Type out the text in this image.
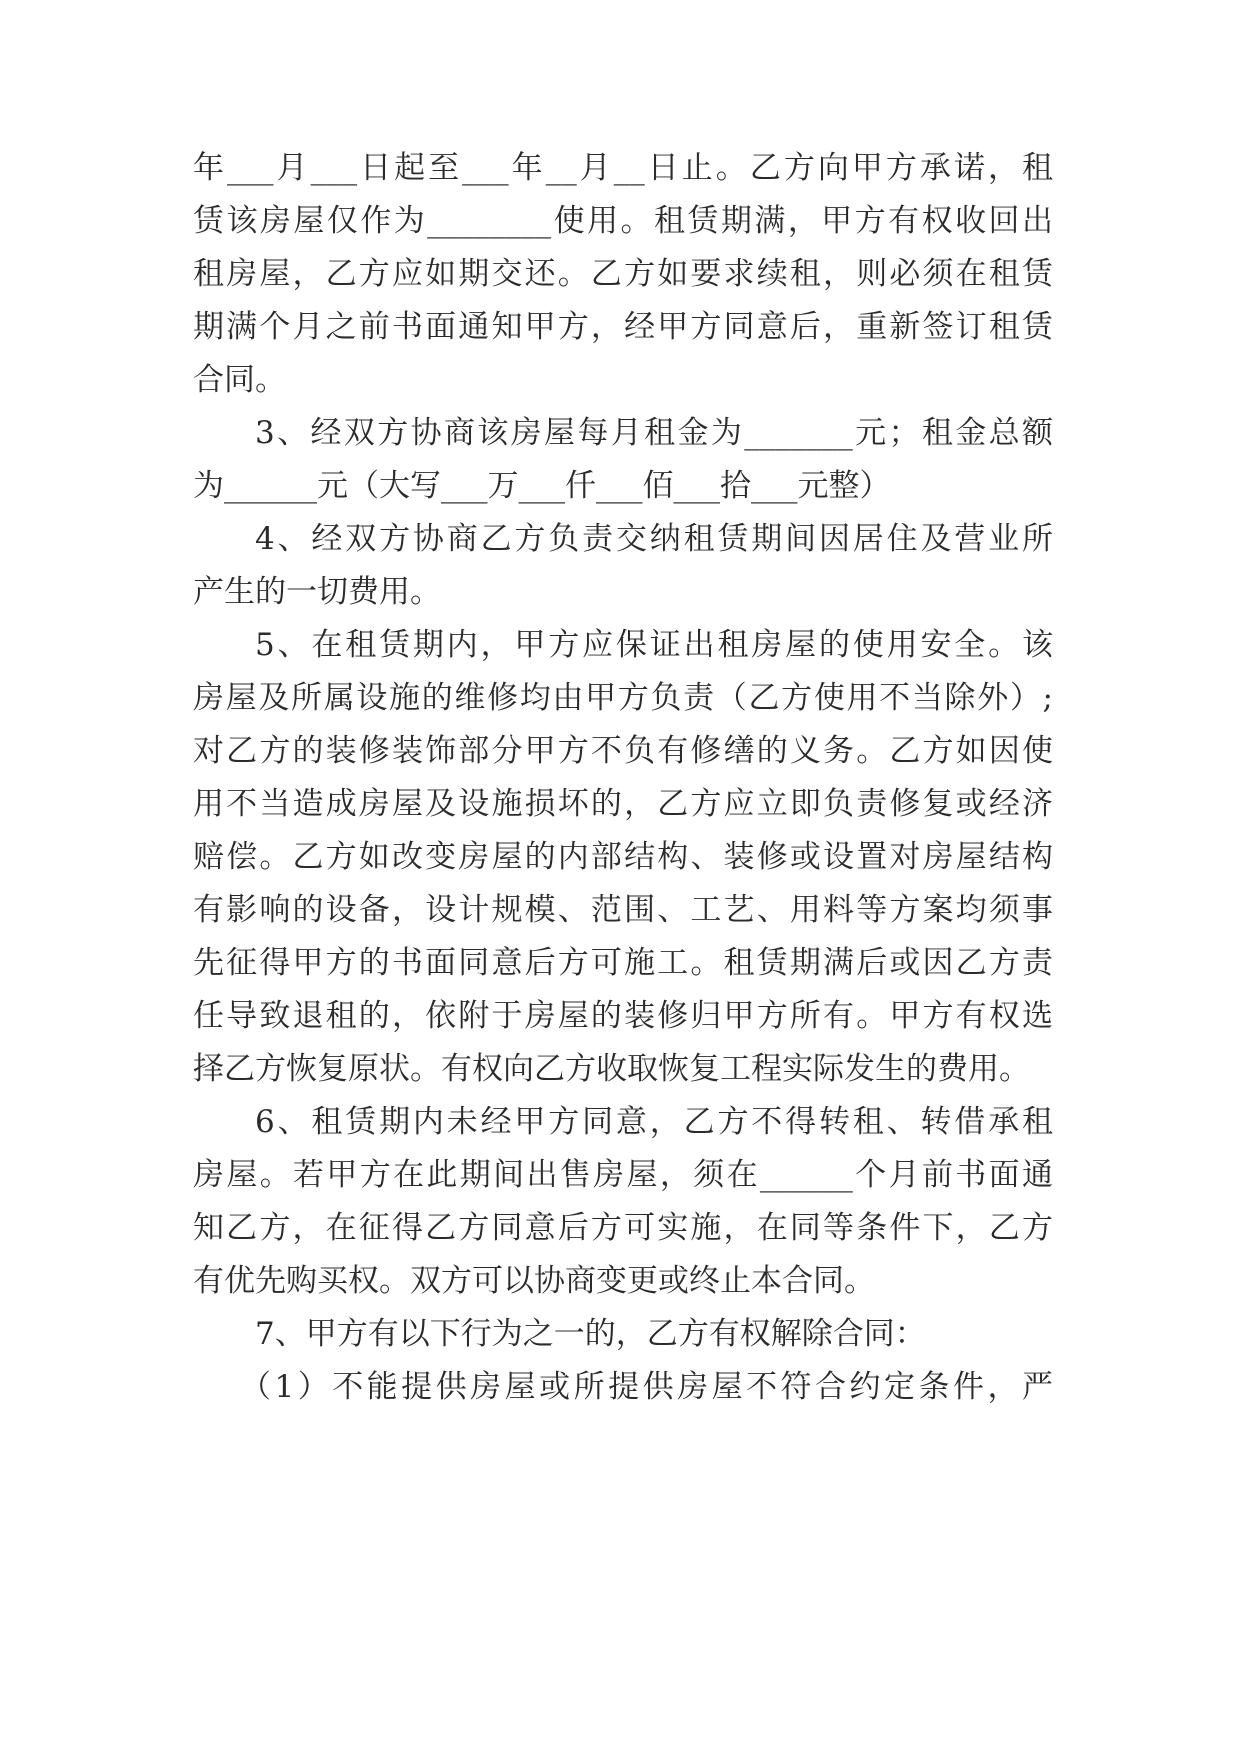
年___月___日起至___年__月__日止。乙方向甲方承诺，租
赁该房屋仅作为________使用。租赁期满，甲方有权收回出
租房屋，乙方应如期交还。乙方如要求续租，则必须在租赁
期满个月之前书面通知甲方，经甲方同意后，重新签订租赁
合同。
3、经双方协商该房屋每月租金为_______元；租金总额
为______元（大写___万___仟___佰___拾___元整）
4、经双方协商乙方负责交纳租赁期间因居住及营业所
产生的一切费用。
5、在租赁期内，甲方应保证出租房屋的使用安全。该
房屋及所属设施的维修均由甲方负责（乙方使用不当除外）;
对乙方的装修装饰部分甲方不负有修缮的义务。乙方如因使
用不当造成房屋及设施损坏的，乙方应立即负责修复或经济
赔偿。乙方如改变房屋的内部结构、装修或设置对房屋结构
有影响的设备，设计规模、范围、工艺、用料等方案均须事
先征得甲方的书面同意后方可施工。租赁期满后或因乙方责
任导致退租的，依附于房屋的装修归甲方所有。甲方有权选
择乙方恢复原状。有权向乙方收取恢复工程实际发生的费用。
6、租赁期内未经甲方同意，乙方不得转租、转借承租
房屋。若甲方在此期间出售房屋，须在______个月前书面通
知乙方，在征得乙方同意后方可实施，在同等条件下，乙方
有优先购买权。双方可以协商变更或终止本合同。
7、甲方有以下行为之一的，乙方有权解除合同：
（1）不能提供房屋或所提供房屋不符合约定条件，严
